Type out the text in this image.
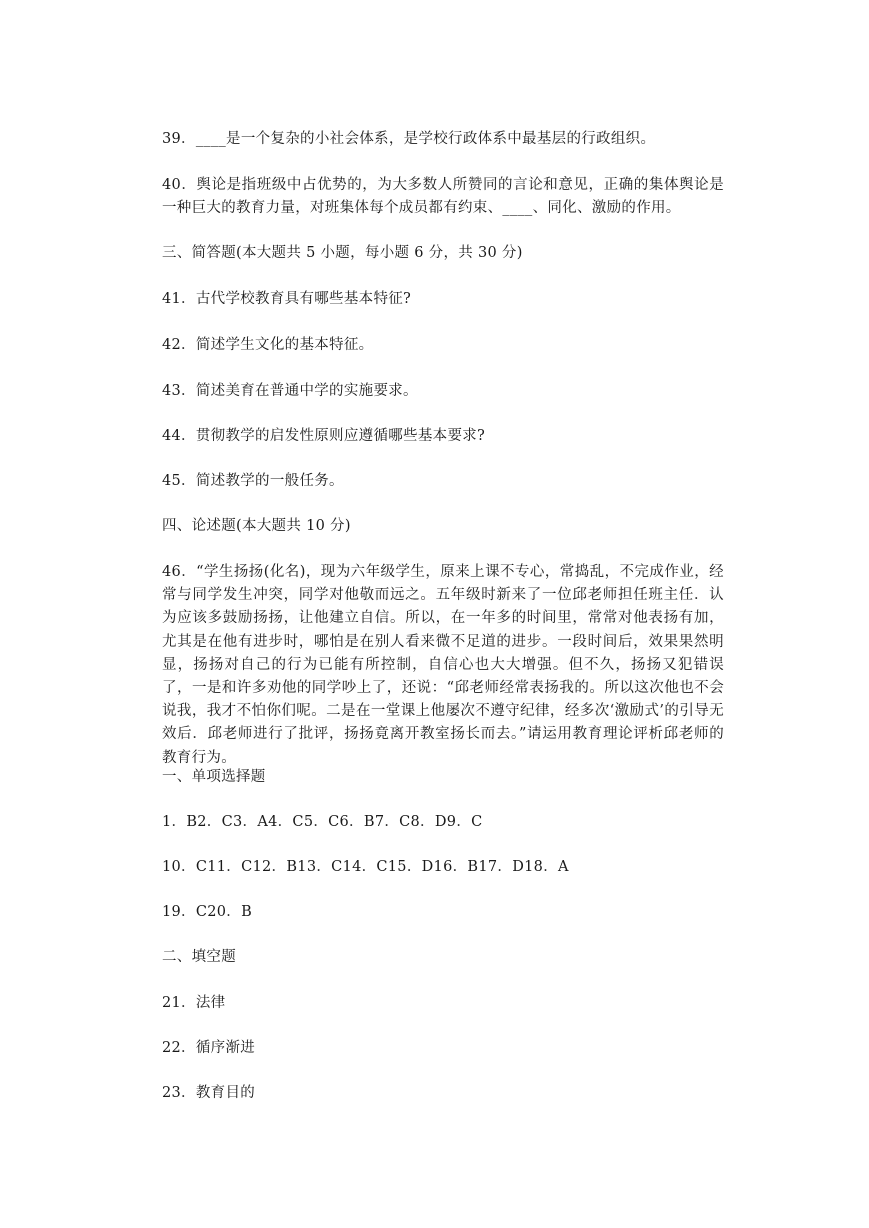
39．____是一个复杂的小社会体系，是学校行政体系中最基层的行政组织。
40．舆论是指班级中占优势的，为大多数人所赞同的言论和意见，正确的集体舆论是一种巨大的教育力量，对班集体每个成员都有约束、____、同化、激励的作用。
三、简答题(本大题共 5 小题，每小题 6 分，共 30 分)
41．古代学校教育具有哪些基本特征?
42．简述学生文化的基本特征。
43．简述美育在普通中学的实施要求。
44．贯彻教学的启发性原则应遵循哪些基本要求?
45．简述教学的一般任务。
四、论述题(本大题共 10 分)
46．“学生扬扬(化名)，现为六年级学生，原来上课不专心，常捣乱，不完成作业，经常与同学发生冲突，同学对他敬而远之。五年级时新来了一位邱老师担任班主任．认为应该多鼓励扬扬，让他建立自信。所以，在一年多的时间里，常常对他表扬有加，尤其是在他有进步时，哪怕是在别人看来微不足道的进步。一段时间后，效果果然明显，扬扬对自己的行为已能有所控制，自信心也大大增强。但不久，扬扬又犯错误了，一是和许多劝他的同学吵上了，还说：“邱老师经常表扬我的。所以这次他也不会说我，我才不怕你们呢。二是在一堂课上他屡次不遵守纪律，经多次‘激励式’的引导无效后．邱老师进行了批评，扬扬竟离开教室扬长而去。”请运用教育理论评析邱老师的教育行为。
一、单项选择题
1．B2．C3．A4．C5．C6．B7．C8．D9．C
10．C11．C12．B13．C14．C15．D16．B17．D18．A
19．C20．B
二、填空题
21．法律
22．循序渐进
23．教育目的
